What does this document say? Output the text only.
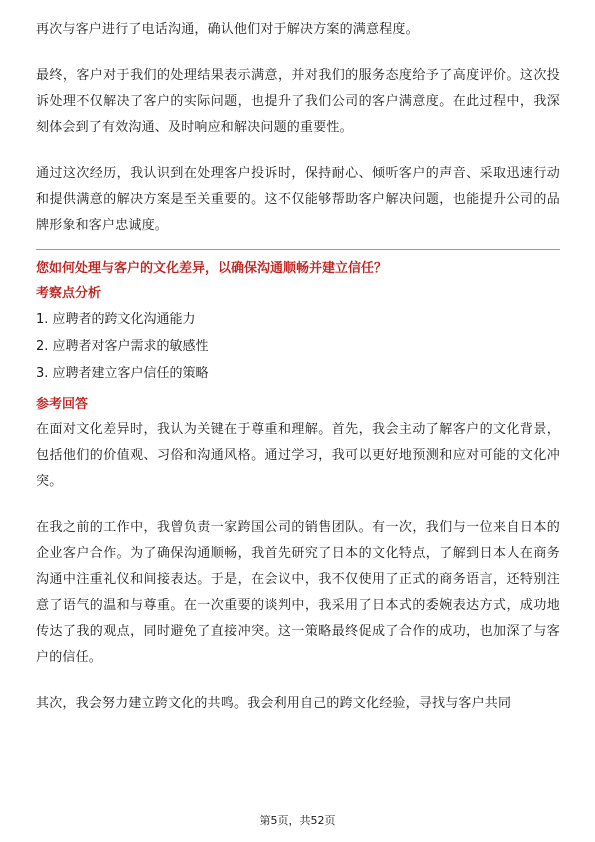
再次与客户进行了电话沟通，确认他们对于解决方案的满意程度。

最终，客户对于我们的处理结果表示满意，并对我们的服务态度给予了高度评价。这次投诉处理不仅解决了客户的实际问题，也提升了我们公司的客户满意度。在此过程中，我深刻体会到了有效沟通、及时响应和解决问题的重要性。

通过这次经历，我认识到在处理客户投诉时，保持耐心、倾听客户的声音、采取迅速行动和提供满意的解决方案是至关重要的。这不仅能够帮助客户解决问题，也能提升公司的品牌形象和客户忠诚度。

您如何处理与客户的文化差异，以确保沟通顺畅并建立信任？

考察点分析

1. 应聘者的跨文化沟通能力
2. 应聘者对客户需求的敏感性
3. 应聘者建立客户信任的策略

参考回答

在面对文化差异时，我认为关键在于尊重和理解。首先，我会主动了解客户的文化背景，包括他们的价值观、习俗和沟通风格。通过学习，我可以更好地预测和应对可能的文化冲突。

在我之前的工作中，我曾负责一家跨国公司的销售团队。有一次，我们与一位来自日本的企业客户合作。为了确保沟通顺畅，我首先研究了日本的文化特点，了解到日本人在商务沟通中注重礼仪和间接表达。于是，在会议中，我不仅使用了正式的商务语言，还特别注意了语气的温和与尊重。在一次重要的谈判中，我采用了日本式的委婉表达方式，成功地传达了我的观点，同时避免了直接冲突。这一策略最终促成了合作的成功，也加深了与客户的信任。

其次，我会努力建立跨文化的共鸣。我会利用自己的跨文化经验，寻找与客户共同

第5页，共52页
